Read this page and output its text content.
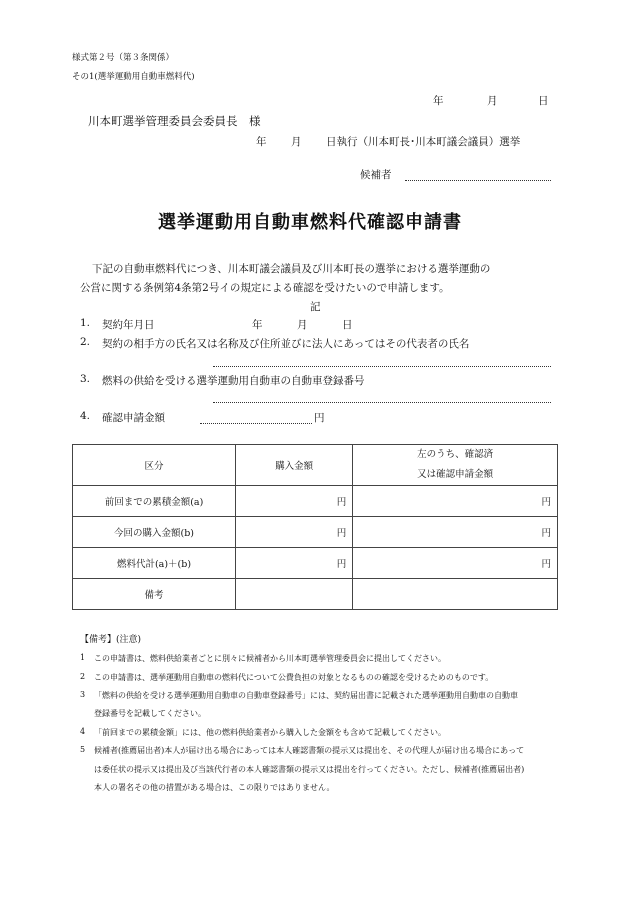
様式第２号（第３条関係）
その1(選挙運動用自動車燃料代)
年	月	日
川本町選挙管理委員会委員長　様
年 月 日執行（川本町長･川本町議会議員）選挙
候補者
選挙運動用自動車燃料代確認申請書
下記の自動車燃料代につき、川本町議会議員及び川本町長の選挙における選挙運動の
公営に関する条例第4条第2号イの規定による確認を受けたいので申請します。
記
1. 契約年月日	年	月	日
2. 契約の相手方の氏名又は名称及び住所並びに法人にあってはその代表者の氏名
3. 燃料の供給を受ける選挙運動用自動車の自動車登録番号
4. 確認申請金額	円
区分	購入金額	左のうち、確認済
又は確認申請金額
前回までの累積金額(a)	円	円
今回の購入金額(b)	円	円
燃料代計(a)＋(b)	円	円
備考		
【備考】(注意)
1 この申請書は、燃料供給業者ごとに別々に候補者から川本町選挙管理委員会に提出してください。
2 この申請書は、選挙運動用自動車の燃料代について公費負担の対象となるものの確認を受けるためのものです。
3 「燃料の供給を受ける選挙運動用自動車の自動車登録番号」には、契約届出書に記載された選挙運動用自動車の自動車
登録番号を記載してください。
4 「前回までの累積金額」には、他の燃料供給業者から購入した金額をも含めて記載してください。
5 候補者(推薦届出者)本人が届け出る場合にあっては本人確認書類の提示又は提出を、その代理人が届け出る場合にあって
は委任状の提示又は提出及び当該代行者の本人確認書類の提示又は提出を行ってください。ただし、候補者(推薦届出者)
本人の署名その他の措置がある場合は、この限りではありません。
